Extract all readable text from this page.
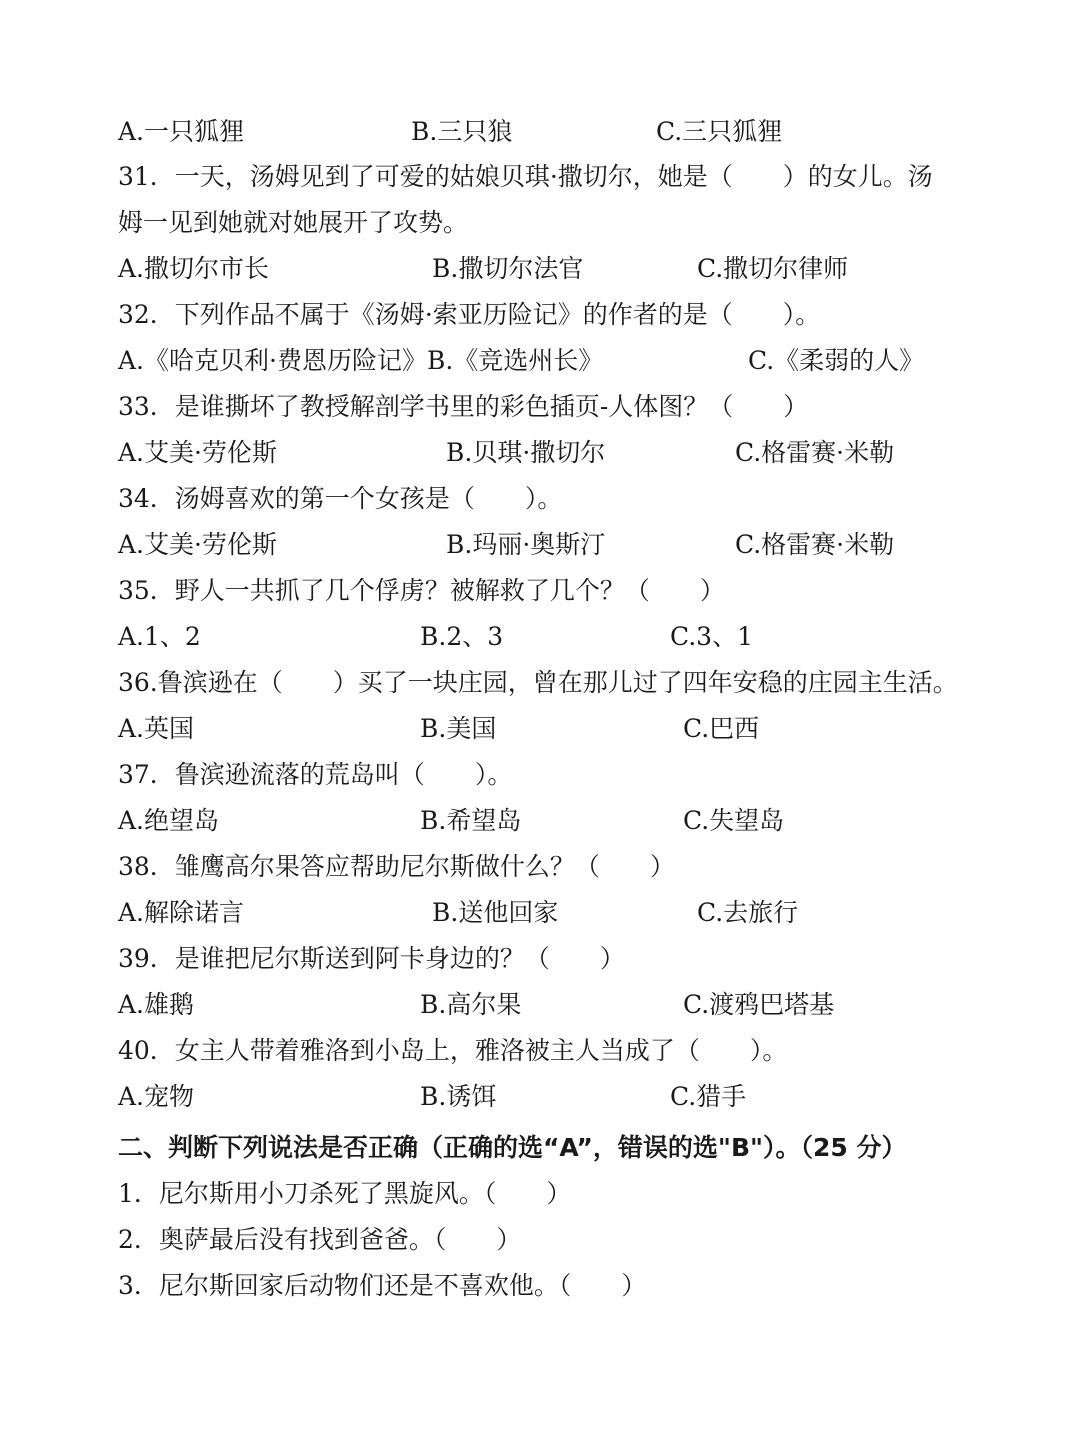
A.一只狐狸	B.三只狼	C.三只狐狸
31．一天，汤姆见到了可爱的姑娘贝琪·撒切尔，她是（　　）的女儿。汤
姆一见到她就对她展开了攻势。
A.撒切尔市长	B.撒切尔法官	C.撒切尔律师
32．下列作品不属于《汤姆·索亚历险记》的作者的是（　　）。
A.《哈克贝利·费恩历险记》B.《竞选州长》	C.《柔弱的人》
33．是谁撕坏了教授解剖学书里的彩色插页-人体图？（　　）
A.艾美·劳伦斯	B.贝琪·撒切尔	C.格雷赛·米勒
34．汤姆喜欢的第一个女孩是（　　）。
A.艾美·劳伦斯	B.玛丽·奥斯汀	C.格雷赛·米勒
35．野人一共抓了几个俘虏？被解救了几个？（　　）
A.1、2	B.2、3	C.3、1
36.鲁滨逊在（　　）买了一块庄园，曾在那儿过了四年安稳的庄园主生活。
A.英国	B.美国	C.巴西
37．鲁滨逊流落的荒岛叫（　　）。
A.绝望岛	B.希望岛	C.失望岛
38．雏鹰高尔果答应帮助尼尔斯做什么？（　　）
A.解除诺言	B.送他回家	C.去旅行
39．是谁把尼尔斯送到阿卡身边的？（　　）
A.雄鹅	B.高尔果	C.渡鸦巴塔基
40．女主人带着雅洛到小岛上，雅洛被主人当成了（　　）。
A.宠物	B.诱饵	C.猎手
二、判断下列说法是否正确（正确的选“A”，错误的选"B"）。（25 分）
1．尼尔斯用小刀杀死了黑旋风。（　　）
2．奥萨最后没有找到爸爸。（　　）
3．尼尔斯回家后动物们还是不喜欢他。（　　）
